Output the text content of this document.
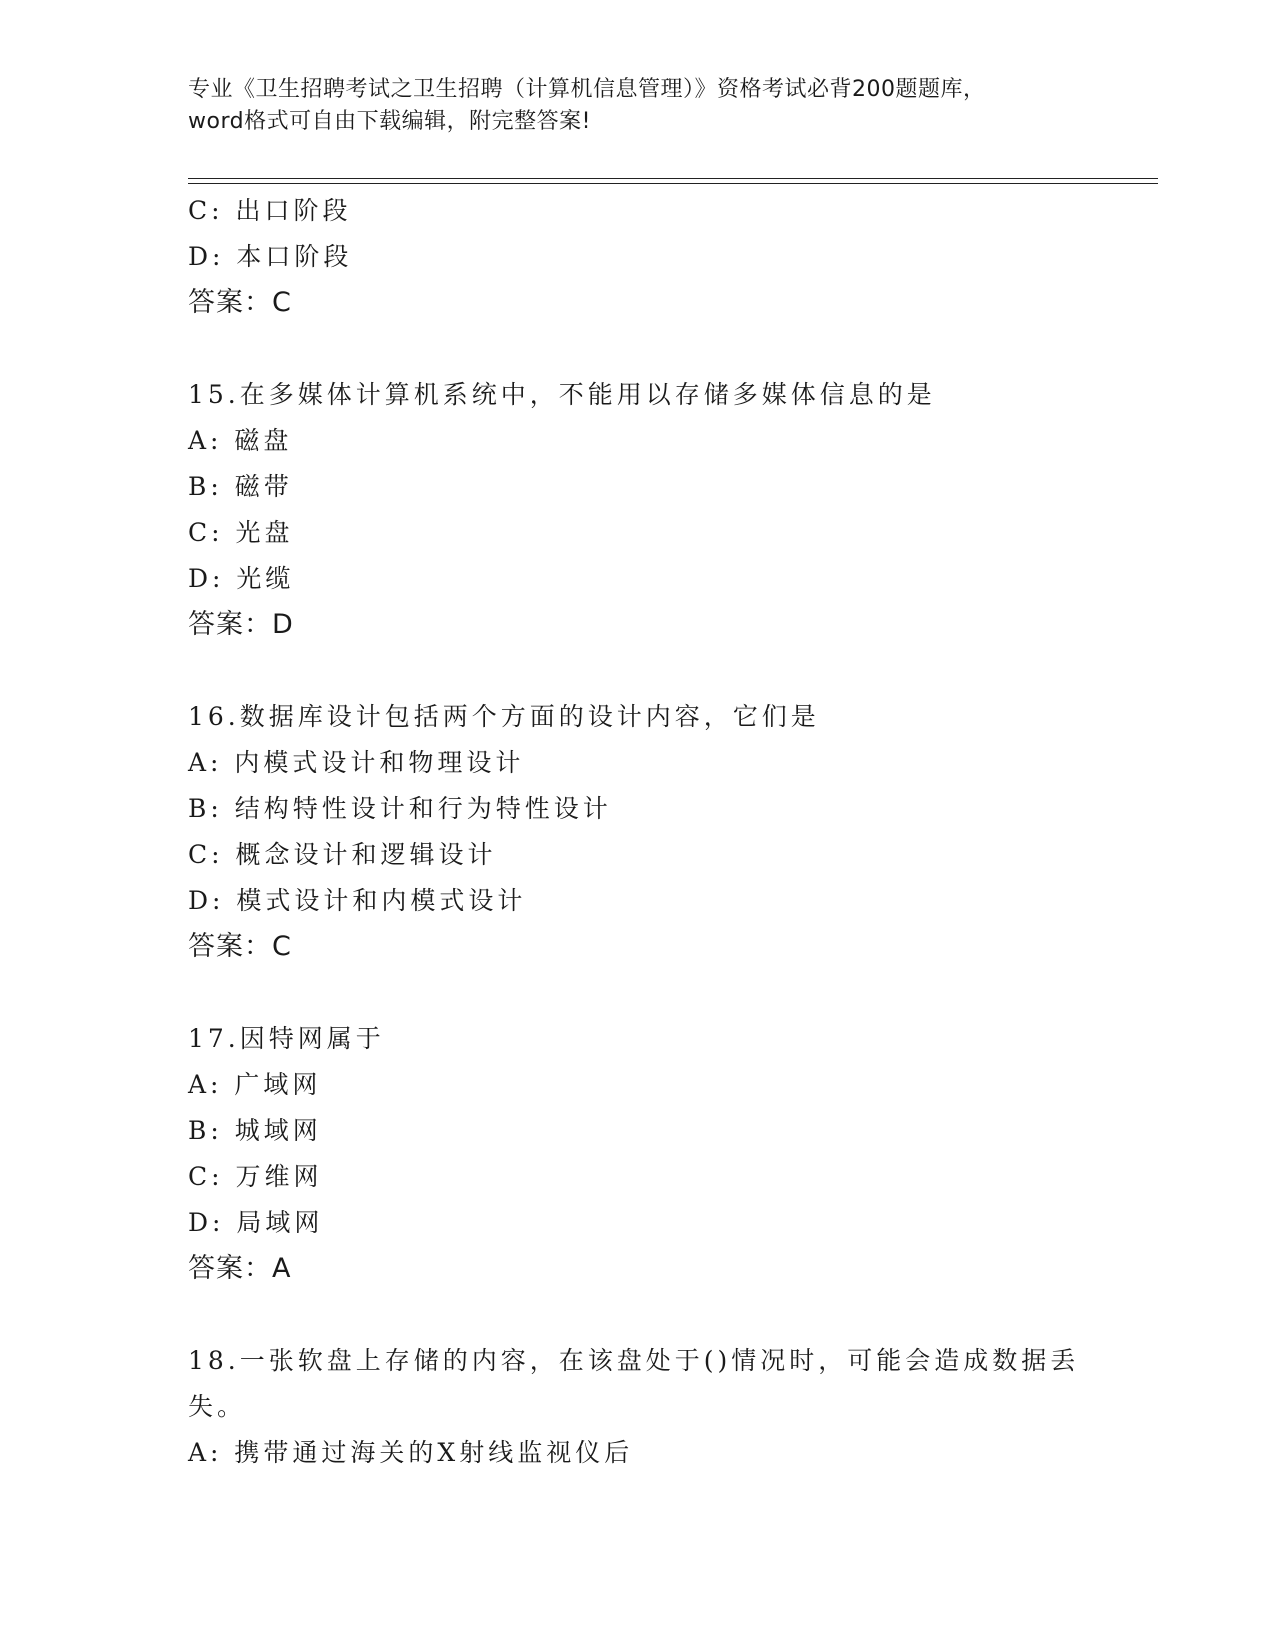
专业《卫生招聘考试之卫生招聘（计算机信息管理）》资格考试必背200题题库，
word格式可自由下载编辑，附完整答案!
C: 出口阶段
D: 本口阶段
答案：C
15.在多媒体计算机系统中，不能用以存储多媒体信息的是
A: 磁盘
B: 磁带
C: 光盘
D: 光缆
答案：D
16.数据库设计包括两个方面的设计内容，它们是
A: 内模式设计和物理设计
B: 结构特性设计和行为特性设计
C: 概念设计和逻辑设计
D: 模式设计和内模式设计
答案：C
17.因特网属于
A: 广域网
B: 城域网
C: 万维网
D: 局域网
答案：A
18.一张软盘上存储的内容，在该盘处于()情况时，可能会造成数据丢
失。
A: 携带通过海关的X射线监视仪后
